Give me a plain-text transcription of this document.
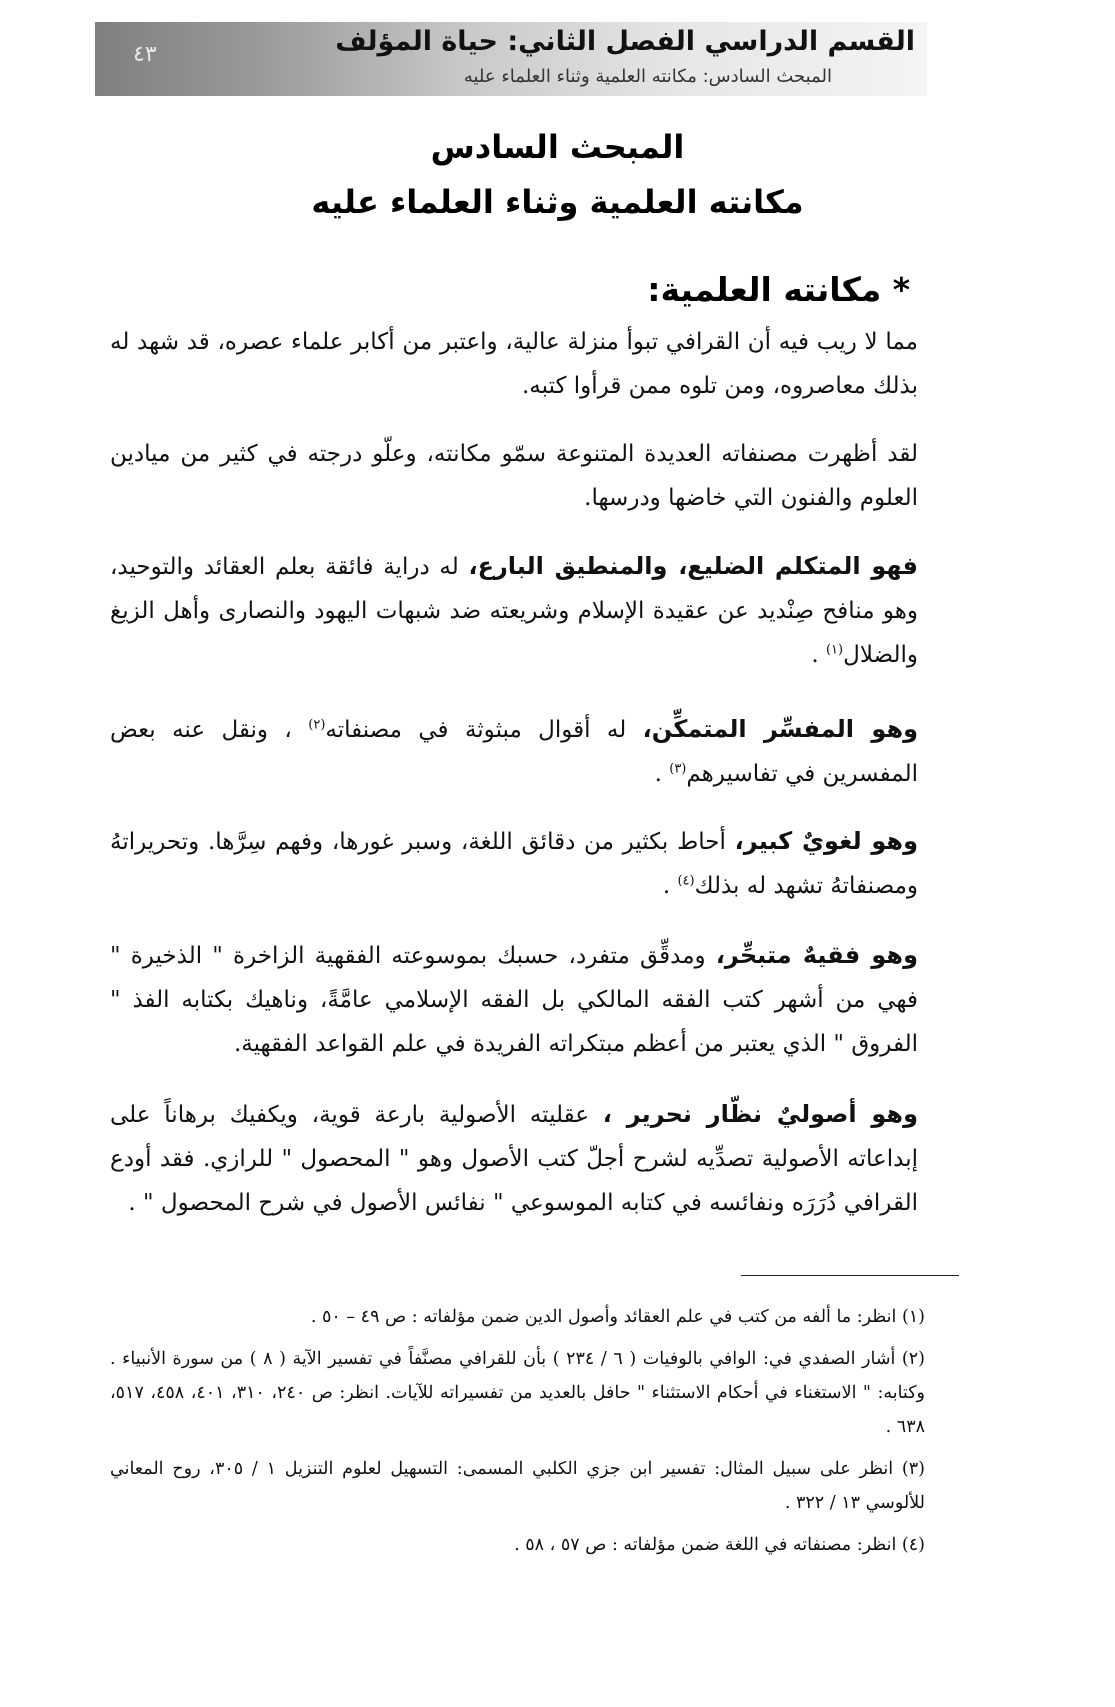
القسم الدراسي الفصل الثاني: حياة المؤلف
المبحث السادس: مكانته العلمية وثناء العلماء عليه
٤٣
المبحث السادس
مكانته العلمية وثناء العلماء عليه
* مكانته العلمية:

مما لا ريب فيه أن القرافي تبوأ منزلة عالية، واعتبر من أكابر علماء عصره، قد شهد له بذلك معاصروه، ومن تلوه ممن قرأوا كتبه.

لقد أظهرت مصنفاته العديدة المتنوعة سمّو مكانته، وعلّو درجته في كثير من ميادين العلوم والفنون التي خاضها ودرسها.

فهو المتكلم الضليع، والمنطيق البارع، له دراية فائقة بعلم العقائد والتوحيد، وهو منافح صِنْديد عن عقيدة الإسلام وشريعته ضد شبهات اليهود والنصارى وأهل الزيغ والضلال$^{(١)}$ .

وهو المفسِّر المتمكِّن، له أقوال مبثوثة في مصنفاته$^{(٢)}$ ، ونقل عنه بعض المفسرين في تفاسيرهم$^{(٣)}$ .

وهو لغويٌ كبير، أحاط بكثير من دقائق اللغة، وسبر غورها، وفهم سِرَّها. وتحريراتهُ ومصنفاتهُ تشهد له بذلك$^{(٤)}$ .

وهو فقيهٌ متبحِّر، ومدقِّق متفرد، حسبك بموسوعته الفقهية الزاخرة " الذخيرة " فهي من أشهر كتب الفقه المالكي بل الفقه الإسلامي عامَّةً، وناهيك بكتابه الفذ " الفروق " الذي يعتبر من أعظم مبتكراته الفريدة في علم القواعد الفقهية.

وهو أصوليٌ نظّار نحرير ، عقليته الأصولية بارعة قوية، ويكفيك برهاناً على إبداعاته الأصولية تصدِّيه لشرح أجلّ كتب الأصول وهو " المحصول " للرازي. فقد أودع القرافي دُرَرَه ونفائسه في كتابه الموسوعي " نفائس الأصول في شرح المحصول " .

(١) انظر: ما ألفه من كتب في علم العقائد وأصول الدين ضمن مؤلفاته : ص ٤٩ – ٥٠ .
(٢) أشار الصفدي في: الوافي بالوفيات ( ٦ / ٢٣٤ ) بأن للقرافي مصنَّفاً في تفسير الآية ( ٨ ) من سورة الأنبياء . وكتابه: " الاستغناء في أحكام الاستثناء " حافل بالعديد من تفسيراته للآيات. انظر: ص ٢٤٠، ٣١٠، ٤٠١، ٤٥٨، ٥١٧، ٦٣٨ .
(٣) انظر على سبيل المثال: تفسير ابن جزي الكلبي المسمى: التسهيل لعلوم التنزيل ١ / ٣٠٥، روح المعاني للألوسي ١٣ / ٣٢٢ .
(٤) انظر: مصنفاته في اللغة ضمن مؤلفاته : ص ٥٧ ، ٥٨ .
